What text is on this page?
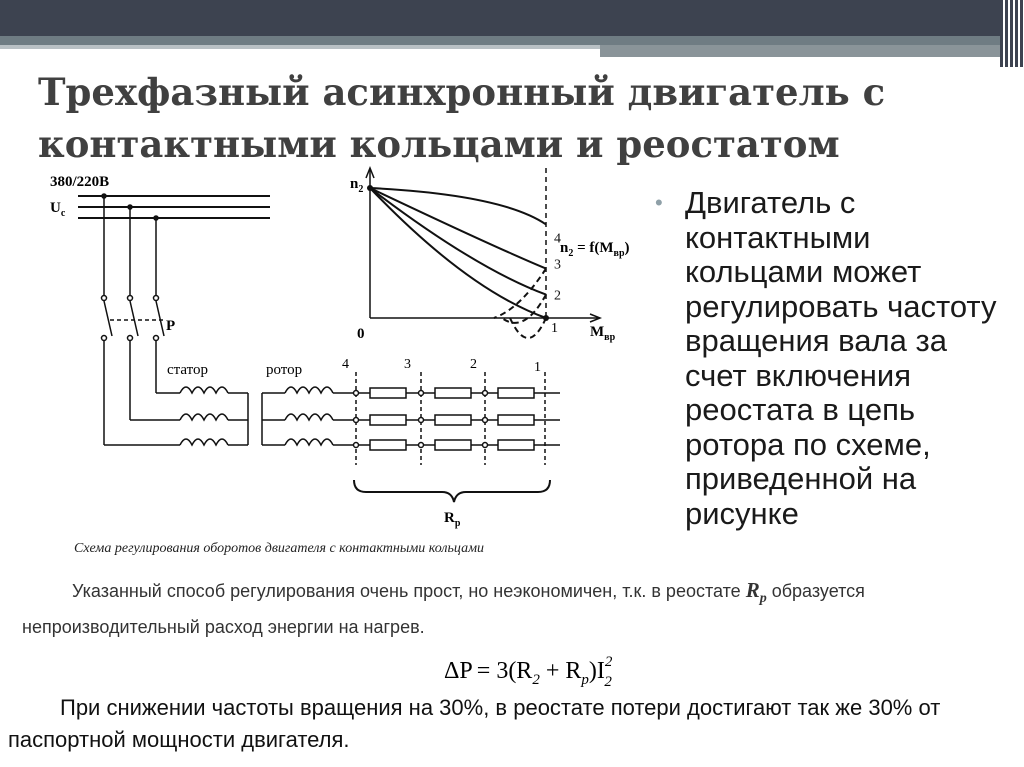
Трехфазный асинхронный двигатель с контактными кольцами и реостатом
380/220В
$U_c$
Р
статор	ротор	4	3	2	1
$R_p$
4
3
2
$n_2$
0	1 $M_{вр}$
$n_2 = f(M_{вр})$
Схема регулирования оборотов двигателя с контактными кольцами
• Двигатель с контактными кольцами может регулировать частоту вращения вала за счет включения реостата в цепь ротора по схеме, приведенной на рисунке

Указанный способ регулирования очень прост, но неэкономичен, т.к. в реостате $R_p$ образуется непроизводительный расход энергии на нагрев.

$\Delta P = 3(R_2 + R_p)I^2$ 2

При снижении частоты вращения на 30%, в реостате потери достигают так же 30% от паспортной мощности двигателя.
